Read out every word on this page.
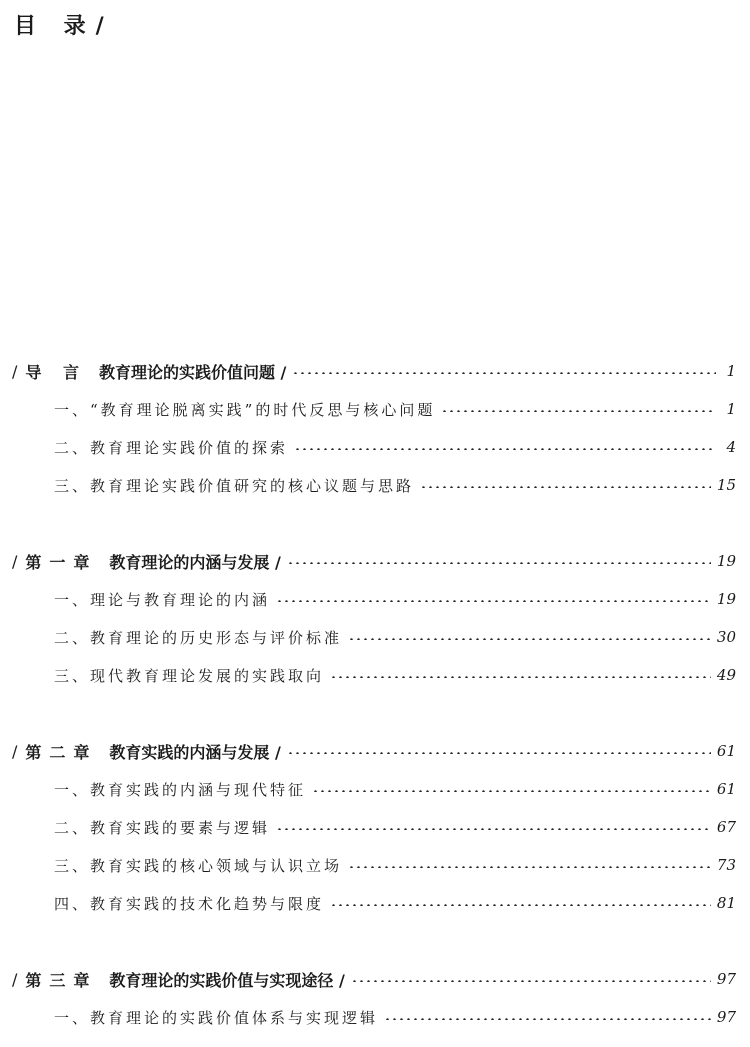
目 录/
/ 导 言 教育理论的实践价值问题 /	1
一、“教育理论脱离实践”的时代反思与核心问题	1
二、教育理论实践价值的探索	4
三、教育理论实践价值研究的核心议题与思路	15
/ 第一章 教育理论的内涵与发展 /	19
一、理论与教育理论的内涵	19
二、教育理论的历史形态与评价标准	30
三、现代教育理论发展的实践取向	49
/ 第二章 教育实践的内涵与发展 /	61
一、教育实践的内涵与现代特征	61
二、教育实践的要素与逻辑	67
三、教育实践的核心领域与认识立场	73
四、教育实践的技术化趋势与限度	81
/ 第三章 教育理论的实践价值与实现途径 /	97
一、教育理论的实践价值体系与实现逻辑	97
